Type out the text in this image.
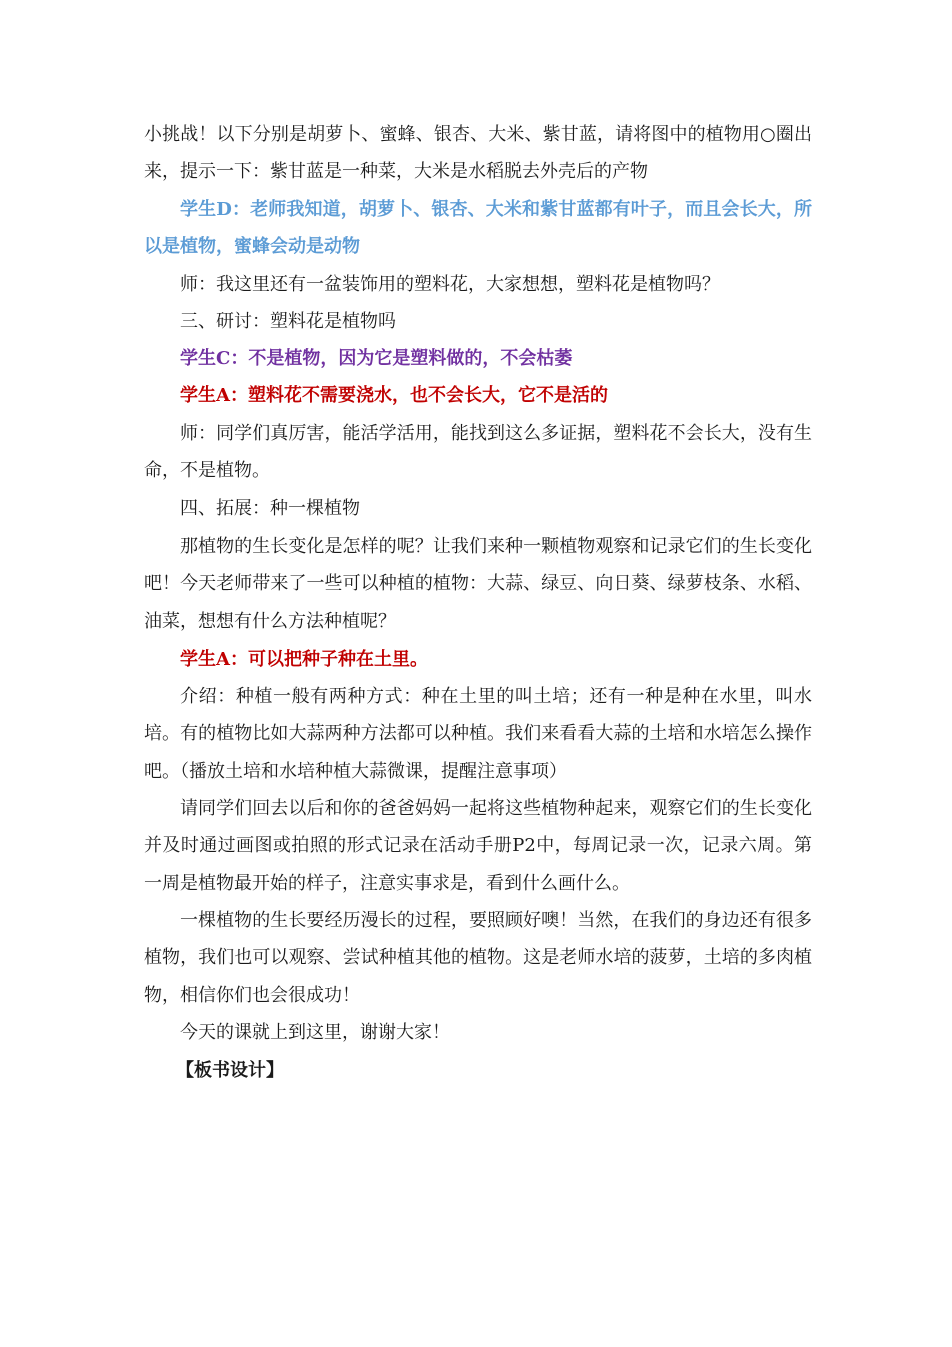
小挑战！以下分别是胡萝卜、蜜蜂、银杏、大米、紫甘蓝，请将图中的植物用○圈出来，提示一下：紫甘蓝是一种菜，大米是水稻脱去外壳后的产物

学生D：老师我知道，胡萝卜、银杏、大米和紫甘蓝都有叶子，而且会长大，所以是植物，蜜蜂会动是动物

师：我这里还有一盆装饰用的塑料花，大家想想，塑料花是植物吗？

三、研讨：塑料花是植物吗

学生C：不是植物，因为它是塑料做的，不会枯萎

学生A：塑料花不需要浇水，也不会长大，它不是活的

师：同学们真厉害，能活学活用，能找到这么多证据，塑料花不会长大，没有生命，不是植物。

四、拓展：种一棵植物

那植物的生长变化是怎样的呢？让我们来种一颗植物观察和记录它们的生长变化吧！今天老师带来了一些可以种植的植物：大蒜、绿豆、向日葵、绿萝枝条、水稻、油菜，想想有什么方法种植呢？

学生A：可以把种子种在土里。

介绍：种植一般有两种方式：种在土里的叫土培；还有一种是种在水里，叫水培。有的植物比如大蒜两种方法都可以种植。我们来看看大蒜的土培和水培怎么操作吧。（播放土培和水培种植大蒜微课，提醒注意事项）

请同学们回去以后和你的爸爸妈妈一起将这些植物种起来，观察它们的生长变化并及时通过画图或拍照的形式记录在活动手册P2中，每周记录一次，记录六周。第一周是植物最开始的样子，注意实事求是，看到什么画什么。

一棵植物的生长要经历漫长的过程，要照顾好噢！当然，在我们的身边还有很多植物，我们也可以观察、尝试种植其他的植物。这是老师水培的菠萝，土培的多肉植物，相信你们也会很成功！

今天的课就上到这里，谢谢大家！

【板书设计】
